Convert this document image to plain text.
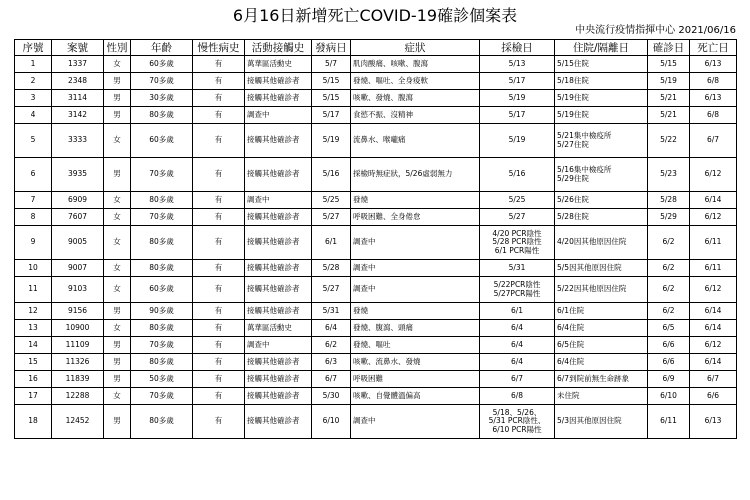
6月16日新增死亡COVID-19確診個案表
中央流行疫情指揮中心 2021/06/16
序號	案號	性別	年齡	慢性病史	活動接觸史	發病日	症狀	採檢日	住院/隔離日	確診日	死亡日
1	1337	女	60多歲	有	萬華區活動史	5/7	肌肉酸痛、咳嗽、腹瀉	5/13	5/15住院	5/15	6/13
2	2348	男	70多歲	有	接觸其他確診者	5/15	發燒、嘔吐、全身痠軟	5/17	5/18住院	5/19	6/8
3	3114	男	30多歲	有	接觸其他確診者	5/15	咳嗽、發燒、腹瀉	5/19	5/19住院	5/21	6/13
4	3142	男	80多歲	有	調查中	5/17	食慾不振、沒精神	5/17	5/19住院	5/21	6/8
5	3333	女	60多歲	有	接觸其他確診者	5/19	流鼻水、喉嚨痛	5/19	5/21集中檢疫所
5/27住院	5/22	6/7
6	3935	男	70多歲	有	接觸其他確診者	5/16	採檢時無症狀，5/26虛弱無力	5/16	5/16集中檢疫所
5/29住院	5/23	6/12
7	6909	女	80多歲	有	調查中	5/25	發燒	5/25	5/26住院	5/28	6/14
8	7607	女	70多歲	有	接觸其他確診者	5/27	呼吸困難、全身倦怠	5/27	5/28住院	5/29	6/12
9	9005	女	80多歲	有	接觸其他確診者	6/1	調查中	4/20 PCR陰性
5/28 PCR陰性
6/1 PCR陽性	4/20因其他原因住院	6/2	6/11
10	9007	女	80多歲	有	接觸其他確診者	5/28	調查中	5/31	5/5因其他原因住院	6/2	6/11
11	9103	女	60多歲	有	接觸其他確診者	5/27	調查中	5/22PCR陰性
5/27PCR陽性	5/22因其他原因住院	6/2	6/12
12	9156	男	90多歲	有	接觸其他確診者	5/31	發燒	6/1	6/1住院	6/2	6/14
13	10900	女	80多歲	有	萬華區活動史	6/4	發燒、腹瀉、頭痛	6/4	6/4住院	6/5	6/14
14	11109	男	70多歲	有	調查中	6/2	發燒、嘔吐	6/4	6/5住院	6/6	6/12
15	11326	男	80多歲	有	接觸其他確診者	6/3	咳嗽、流鼻水、發燒	6/4	6/4住院	6/6	6/14
16	11839	男	50多歲	有	接觸其他確診者	6/7	呼吸困難	6/7	6/7到院前無生命跡象	6/9	6/7
17	12288	女	70多歲	有	接觸其他確診者	5/30	咳嗽、自覺體溫偏高	6/8	未住院	6/10	6/6
18	12452	男	80多歲	有	接觸其他確診者	6/10	調查中	5/18、5/26、
5/31 PCR陰性、
6/10 PCR陽性	5/3因其他原因住院	6/11	6/13
